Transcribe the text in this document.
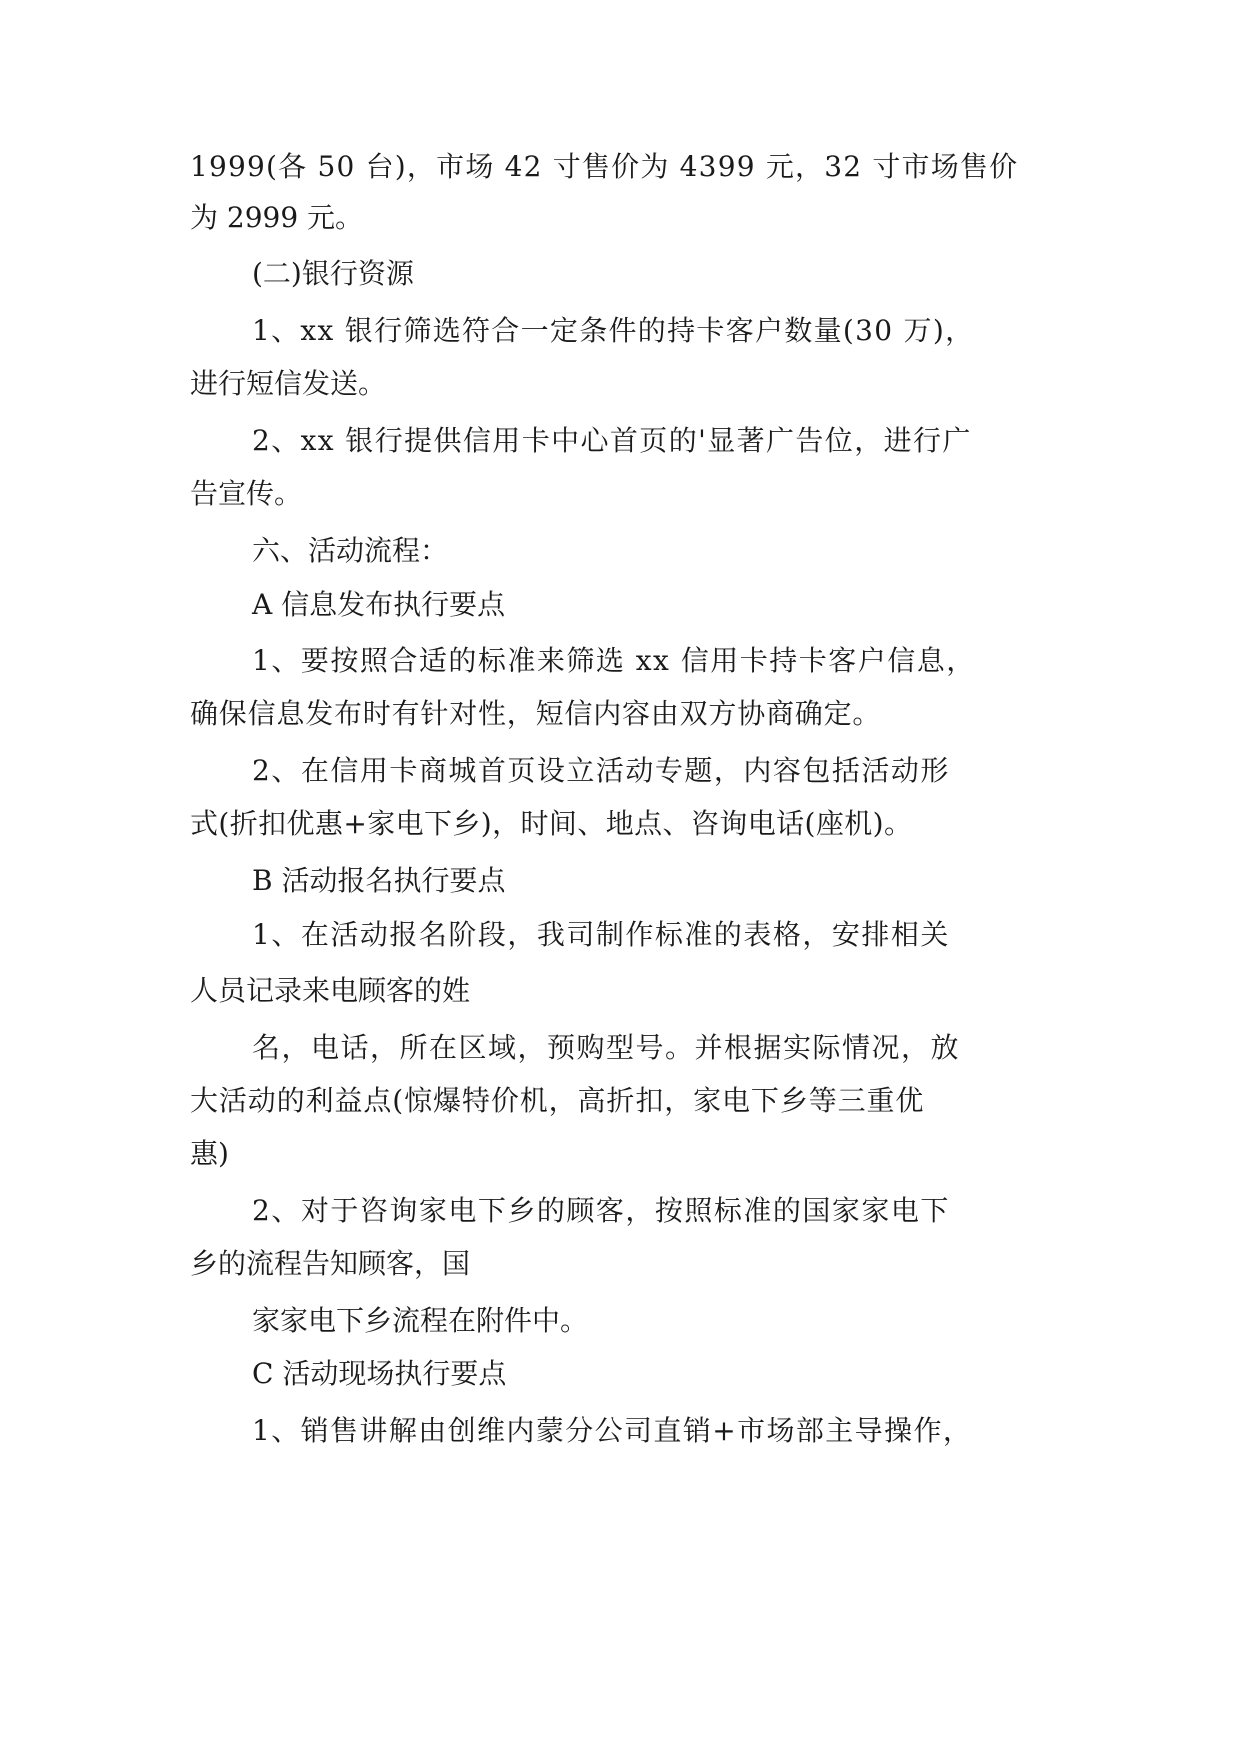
1999(各 50 台)，市场 42 寸售价为 4399 元，32 寸市场售价
为 2999 元。
(二)银行资源
1、xx 银行筛选符合一定条件的持卡客户数量(30 万)，
进行短信发送。
2、xx 银行提供信用卡中心首页的'显著广告位，进行广
告宣传。
六、活动流程：
A 信息发布执行要点
1、要按照合适的标准来筛选 xx 信用卡持卡客户信息，
确保信息发布时有针对性，短信内容由双方协商确定。
2、在信用卡商城首页设立活动专题，内容包括活动形
式(折扣优惠+家电下乡)，时间、地点、咨询电话(座机)。
B 活动报名执行要点
1、在活动报名阶段，我司制作标准的表格，安排相关
人员记录来电顾客的姓
名，电话，所在区域，预购型号。并根据实际情况，放
大活动的利益点(惊爆特价机，高折扣，家电下乡等三重优
惠)
2、对于咨询家电下乡的顾客，按照标准的国家家电下
乡的流程告知顾客，国
家家电下乡流程在附件中。
C 活动现场执行要点
1、销售讲解由创维内蒙分公司直销+市场部主导操作，
